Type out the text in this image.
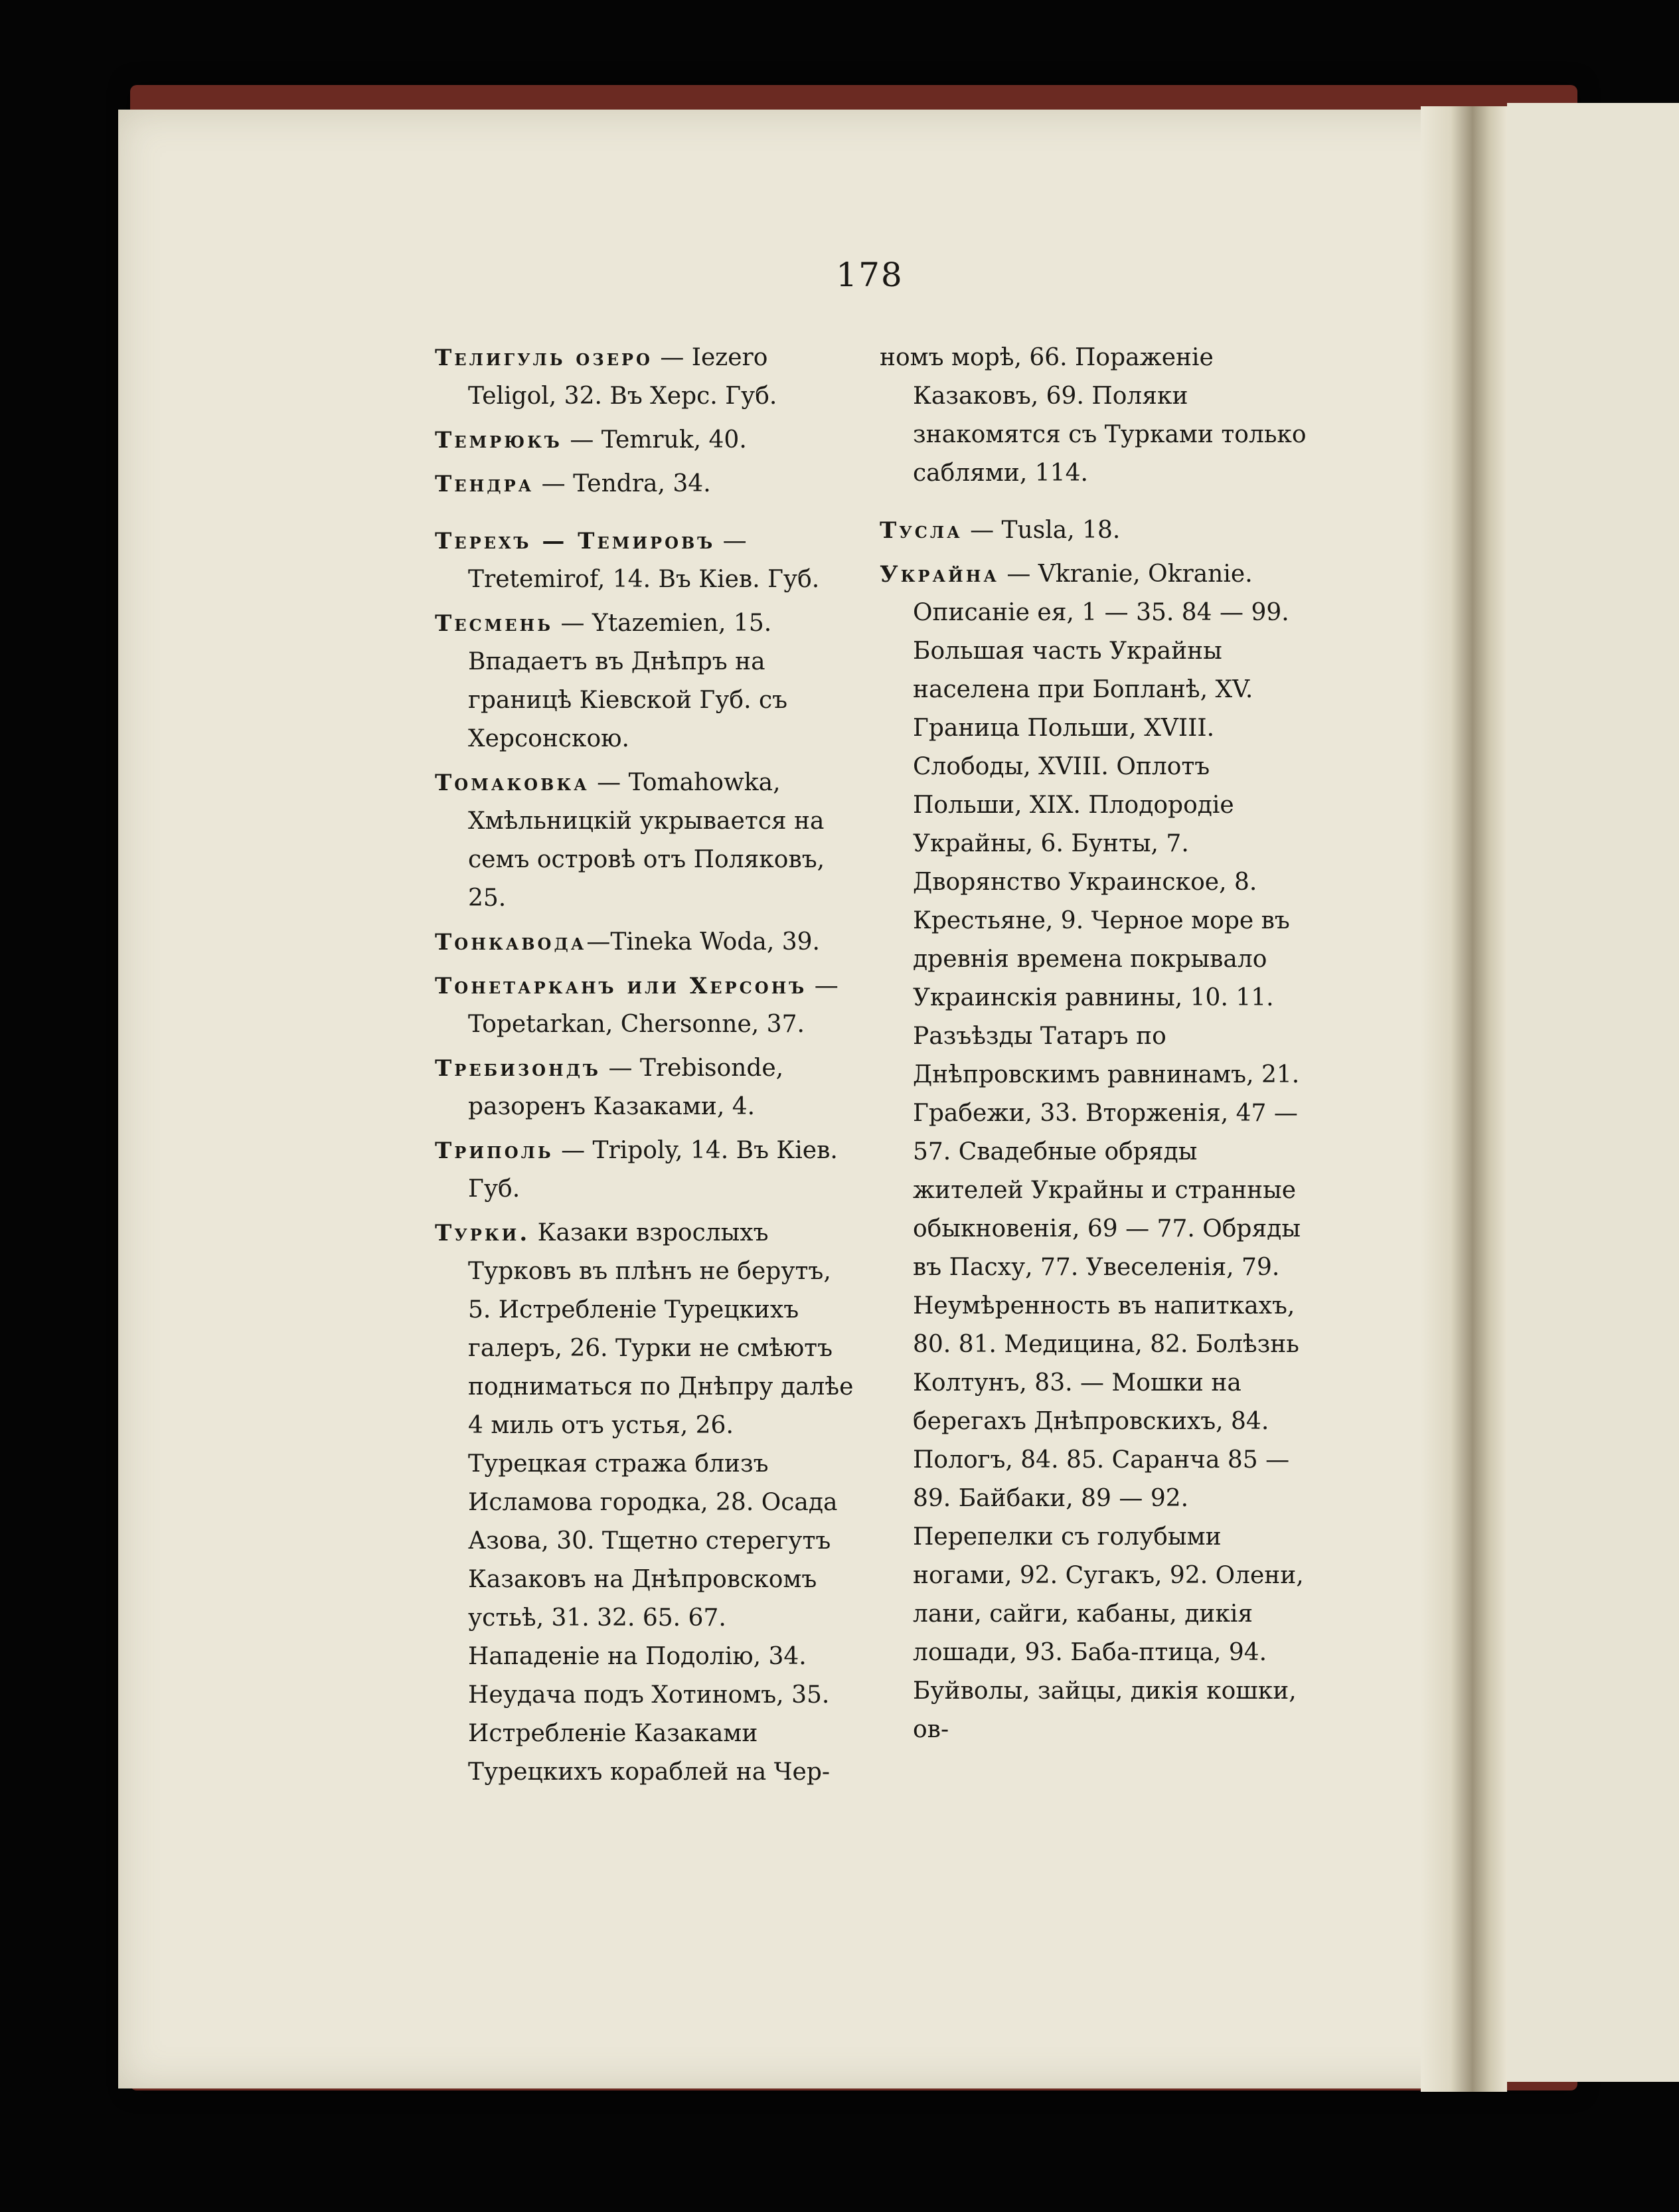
178

Телигуль озеро — Iezero Teligol, 32. Въ Херс. Губ.

Темрюкъ — Temruk, 40.

Тендра — Tendra, 34.

Терехъ — Темировъ — Tretemirof, 14. Въ Кiев. Губ.

Тесмень — Ytazemien, 15. Впадаетъ въ Днѣпръ на границѣ Кiевской Губ. съ Херсонскою.

Томаковка — Tomahowka, Хмѣльницкiй укрывается на семъ островѣ отъ Поляковъ, 25.

Тонкавода—Tineka Woda, 39.

Тонетарканъ или Херсонъ — Topetarkan, Chersonne, 37.

Требизондъ — Trebisonde, разоренъ Казаками, 4.

Триполь — Tripoly, 14. Въ Кiев. Губ.

Турки. Казаки взрослыхъ Турковъ въ плѣнъ не берутъ, 5. Истребленiе Турецкихъ галеръ, 26. Турки не смѣютъ подниматься по Днѣпру далѣе 4 миль отъ устья, 26. Турецкая стража близъ Исламова городка, 28. Осада Азова, 30. Тщетно стерегутъ Казаковъ на Днѣпровскомъ устьѣ, 31. 32. 65. 67. Нападенiе на Подолiю, 34. Неудача подъ Хотиномъ, 35. Истребленiе Казаками Турецкихъ кораблей на Чер-

номъ морѣ, 66. Пораженiе Казаковъ, 69. Поляки знакомятся съ Турками только саблями, 114.

Тусла — Tusla, 18.

Украйна — Vkranie, Okranie. Описанiе ея, 1 — 35. 84 — 99. Большая часть Украйны населена при Бопланѣ, XV. Граница Польши, XVIII. Слободы, XVIII. Оплотъ Польши, XIX. Плодородiе Украйны, 6. Бунты, 7. Дворянство Украинское, 8. Крестьяне, 9. Черное море въ древнiя времена покрывало Украинскiя равнины, 10. 11. Разъѣзды Татаръ по Днѣпровскимъ равнинамъ, 21. Грабежи, 33. Вторженiя, 47 — 57. Свадебные обряды жителей Украйны и странные обыкновенiя, 69 — 77. Обряды въ Пасху, 77. Увеселенiя, 79. Неумѣренность въ напиткахъ, 80. 81. Медицина, 82. Болѣзнь Колтунъ, 83. — Мошки на берегахъ Днѣпровскихъ, 84. Пологъ, 84. 85. Саранча 85 — 89. Байбаки, 89 — 92. Перепелки съ голубыми ногами, 92. Сугакъ, 92. Олени, лани, сайги, кабаны, дикiя лошади, 93. Баба-птица, 94. Буйволы, зайцы, дикiя кошки, ов-
